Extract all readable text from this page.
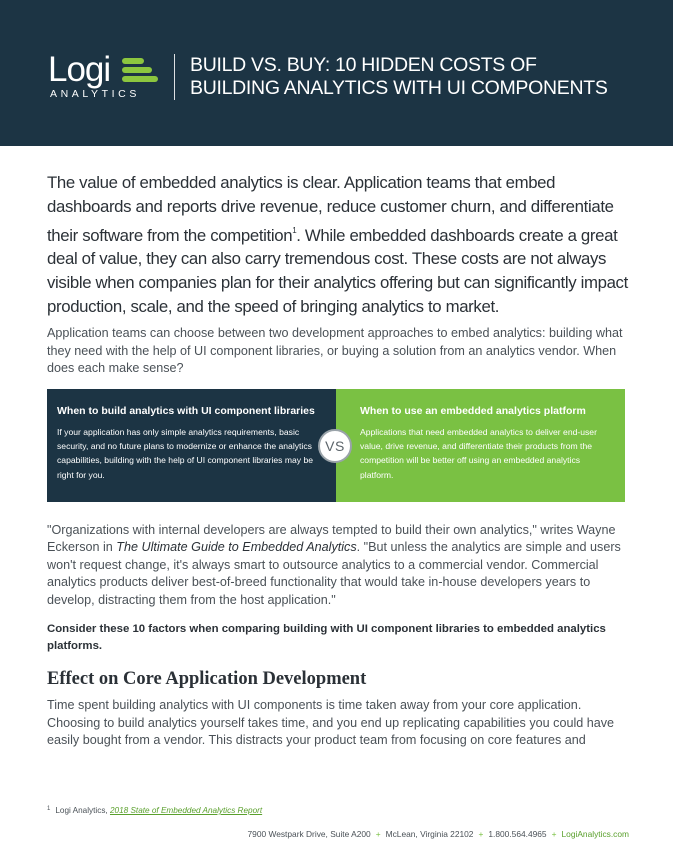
Logi
ANALYTICS
BUILD VS. BUY: 10 HIDDEN COSTS OF
BUILDING ANALYTICS WITH UI COMPONENTS

The value of embedded analytics is clear. Application teams that embed dashboards and reports drive revenue, reduce customer churn, and differentiate their software from the competition$^1$. While embedded dashboards create a great deal of value, they can also carry tremendous cost. These costs are not always visible when companies plan for their analytics offering but can significantly impact production, scale, and the speed of bringing analytics to market.

Application teams can choose between two development approaches to embed analytics: building what they need with the help of UI component libraries, or buying a solution from an analytics vendor. When does each make sense?

When to build analytics with UI component libraries
If your application has only simple analytics requirements, basic security, and no future plans to modernize or enhance the analytics capabilities, building with the help of UI component libraries may be right for you.
When to use an embedded analytics platform
Applications that need embedded analytics to deliver end-user value, drive revenue, and differentiate their products from the competition will be better off using an embedded analytics platform.
VS

"Organizations with internal developers are always tempted to build their own analytics," writes Wayne Eckerson in The Ultimate Guide to Embedded Analytics. "But unless the analytics are simple and users won't request change, it's always smart to outsource analytics to a commercial vendor. Commercial analytics products deliver best-of-breed functionality that would take in-house developers years to develop, distracting them from the host application."

Consider these 10 factors when comparing building with UI component libraries to embedded analytics platforms.

Effect on Core Application Development

Time spent building analytics with UI components is time taken away from your core application. Choosing to build analytics yourself takes time, and you end up replicating capabilities you could have easily bought from a vendor. This distracts your product team from focusing on core features and

$^1$ Logi Analytics, 2018 State of Embedded Analytics Report
7900 Westpark Drive, Suite A200 + McLean, Virginia 22102 + 1.800.564.4965 + LogiAnalytics.com
